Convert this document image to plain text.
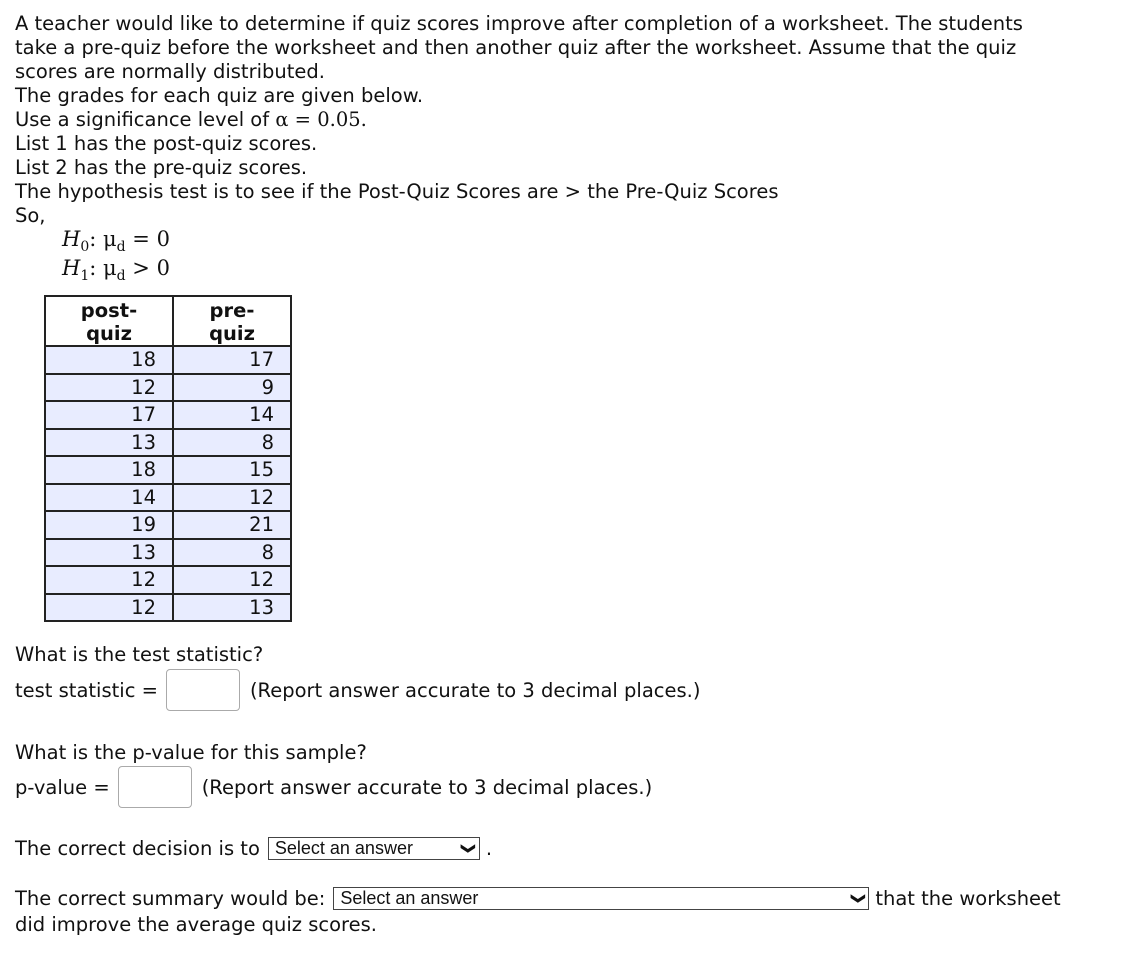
A teacher would like to determine if quiz scores improve after completion of a worksheet. The students
take a pre-quiz before the worksheet and then another quiz after the worksheet. Assume that the quiz
scores are normally distributed.
The grades for each quiz are given below.
Use a significance level of α = 0.05.
List 1 has the post-quiz scores.
List 2 has the pre-quiz scores.
The hypothesis test is to see if the Post-Quiz Scores are > the Pre-Quiz Scores
So,
$H_0$: $\mu_d = 0$
$H_1$: $\mu_d > 0$
post-quiz	pre-quiz
18	17
12	9
17	14
13	8
18	15
14	12
19	21
13	8
12	12
12	13
What is the test statistic?
test statistic =	(Report answer accurate to 3 decimal places.)
What is the p-value for this sample?
p-value =	(Report answer accurate to 3 decimal places.)
The correct decision is to Select an answer	❮ .
The correct summary would be: Select an answer	❮ that the worksheet
did improve the average quiz scores.
